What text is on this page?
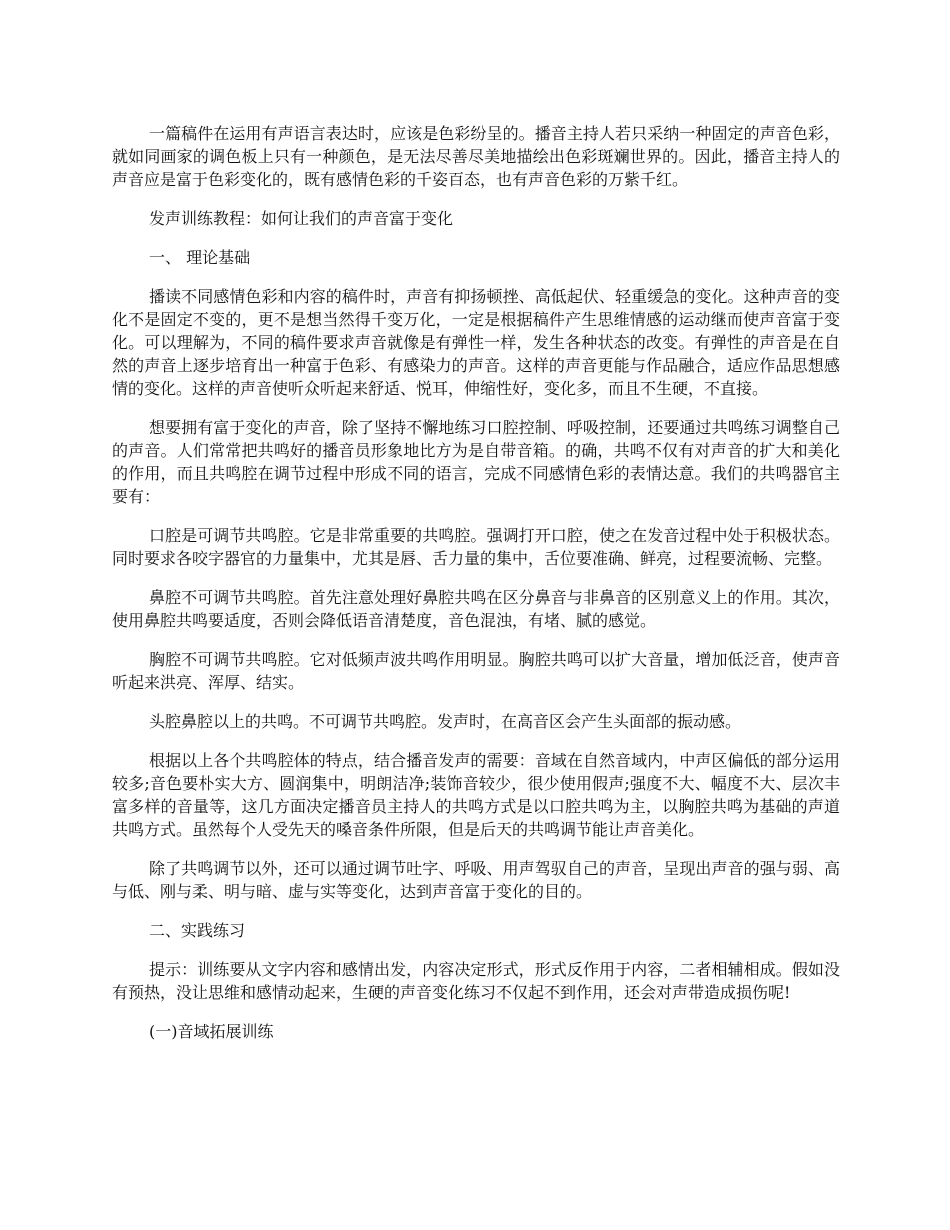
一篇稿件在运用有声语言表达时，应该是色彩纷呈的。播音主持人若只采纳一种固定的声音色彩，就如同画家的调色板上只有一种颜色，是无法尽善尽美地描绘出色彩斑斓世界的。因此，播音主持人的声音应是富于色彩变化的，既有感情色彩的千姿百态，也有声音色彩的万紫千红。

发声训练教程：如何让我们的声音富于变化

一、 理论基础

播读不同感情色彩和内容的稿件时，声音有抑扬顿挫、高低起伏、轻重缓急的变化。这种声音的变化不是固定不变的，更不是想当然得千变万化，一定是根据稿件产生思维情感的运动继而使声音富于变化。可以理解为，不同的稿件要求声音就像是有弹性一样，发生各种状态的改变。有弹性的声音是在自然的声音上逐步培育出一种富于色彩、有感染力的声音。这样的声音更能与作品融合，适应作品思想感情的变化。这样的声音使听众听起来舒适、悦耳，伸缩性好，变化多，而且不生硬，不直接。

想要拥有富于变化的声音，除了坚持不懈地练习口腔控制、呼吸控制，还要通过共鸣练习调整自己的声音。人们常常把共鸣好的播音员形象地比方为是自带音箱。的确，共鸣不仅有对声音的扩大和美化的作用，而且共鸣腔在调节过程中形成不同的语言，完成不同感情色彩的表情达意。我们的共鸣器官主要有：

口腔是可调节共鸣腔。它是非常重要的共鸣腔。强调打开口腔，使之在发音过程中处于积极状态。同时要求各咬字器官的力量集中，尤其是唇、舌力量的集中，舌位要准确、鲜亮，过程要流畅、完整。

鼻腔不可调节共鸣腔。首先注意处理好鼻腔共鸣在区分鼻音与非鼻音的区别意义上的作用。其次，使用鼻腔共鸣要适度，否则会降低语音清楚度，音色混浊，有堵、腻的感觉。

胸腔不可调节共鸣腔。它对低频声波共鸣作用明显。胸腔共鸣可以扩大音量，增加低泛音，使声音听起来洪亮、浑厚、结实。

头腔鼻腔以上的共鸣。不可调节共鸣腔。发声时，在高音区会产生头面部的振动感。

根据以上各个共鸣腔体的特点，结合播音发声的需要：音域在自然音域内，中声区偏低的部分运用较多;音色要朴实大方、圆润集中，明朗洁净;装饰音较少，很少使用假声;强度不大、幅度不大、层次丰富多样的音量等，这几方面决定播音员主持人的共鸣方式是以口腔共鸣为主，以胸腔共鸣为基础的声道共鸣方式。虽然每个人受先天的嗓音条件所限，但是后天的共鸣调节能让声音美化。

除了共鸣调节以外，还可以通过调节吐字、呼吸、用声驾驭自己的声音，呈现出声音的强与弱、高与低、刚与柔、明与暗、虚与实等变化，达到声音富于变化的目的。

二、实践练习

提示：训练要从文字内容和感情出发，内容决定形式，形式反作用于内容，二者相辅相成。假如没有预热，没让思维和感情动起来，生硬的声音变化练习不仅起不到作用，还会对声带造成损伤呢!

(一)音域拓展训练
